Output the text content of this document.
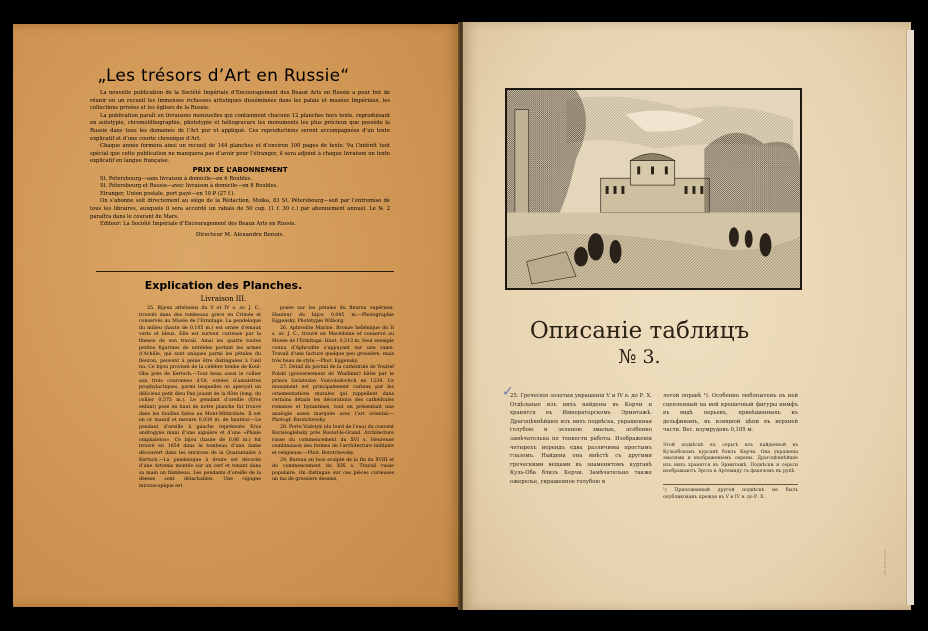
„Les trésors d’Art en Russie“

La nouvelle publication de la Société Impériale d’Encouragement des Beaux Arts en Russie a pour but de réunir en un recueil les immenses richesses artistiques disséminées dans les palais et musées Impériaux, les collections privées et les églises de la Russie.

La publication paraît en livraisons mensuelles qui contiennent chacune 12 planches hors texte, reproduisant en autotypie, chromolithographie, phototypie et héliogravure les monuments les plus précieux que possède la Russie dans tous les domaines de l’Art pur et appliqué. Ces reproductions seront accompagnées d’un texte explicatif et d’une courte chronique d’Art.

Chaque année formera ainsi un recueil de 144 planches et d’environ 100 pages de texte. Vu l’intérêt tout spécial que cette publication ne manquera pas d’avoir pour l’étranger, il sera adjoint à chaque livraison un texte explicatif en langue française.

PRIX DE L’ABONNEMENT

St. Pétersbourg—sans livraison à domicile—en 6 Roubles.

St. Pétersbourg et Russie—avec livraison à domicile—en 8 Roubles.

Etranger, Union postale, port payé—en 10 ₽ (27 f.).

On s’abonne soit directement au siège de la Rédaction, Moïka, 83 St. Pétersbourg—soit par l’entremise de tous les libraires, auxquels il sera accordé un rabais de 50 cop. (1 f. 30 c.) par abonnement annuel. Le № 2 paraîtra dans le courant de Mars.

Editeur: La Société Impériale d’Encouragement des Beaux Arts en Russie.

Directeur M. Alexandre Benois.
Explication des Planches.
Livraison III.

25. Bijoux athéniens du V et IV s. av. J. C., trouvés dans des tombeaux grecs en Crimée et conservés au Musée de l’Ermitage. La pendeloque du milieu (haute de 0,105 m.) est ornée d’émaux verts et bleus. Elle est surtout curieuse par la finesse de son travail. Ainsi les quatre toutes petites figurines de néréides portant les armes d’Achille, qui sont uniques parmi les pétales du fleuron, peuvent à peine être distinguées à l’œil nu. Ce bijou provient de la célèbre tombe de Koul-Oba près de Kertsch.—Tout beau aussi le collier aux trois couronnes d’Or, ornées d’amulettes prophylactiques, parmi lesquelles on aperçoit un délicieux petit dieu Pan jouant de la flûte (long. du collier 0,575 m.). Le pendant d’oreille (Eros enfant) posé en haut de notre planche fut trouvé dans les fouilles faites au Mont-Mithridate. Il est en or massif et mesure 0,038 m. de hauteur.—Le pendant d’oreille à gauche représente Eros androgyne muni d’une aiguière et d’une «Phiale omphalotos». Ce bijou (haute de 0,06 m.) fut trouvé en 1854 dans le tombeau d’une dame découvert dans les environs de la Quarantaine à Kertsch.—La pendeloque à droite est décorée d’une Artemis montée sur un cerf et tenant dans sa main un flambeau. Les pendants d’oreille de la déesse sont détachables. Une cigogne microscopique est

posée sur les pétales du fleuron supérieur. Hauteur du bijou 0,045 m.—Photographie Eggensky. Phototypie Wilborg.

26. Aphrodite Marine. Bronze hellénique du II s. av. J. C., trouvé en Macédoine et conservé au Musée de l’Ermitage. Haut. 0,213 m. Seul exemple connu d’Aphrodite s’appuyant sur une rame. Travail d’une facture quelque peu grossière, mais très beau de style.—Phot. Eggensky.

27. Détail du portail de la cathédrale de Yourief Polski (gouvernement de Wladimir) bâtie par le prince Swiatoslav Vsévolodovitch en 1234. Ce monument est principalement curieux par les ornementations murales qui rappellent dans certains détails les décorations des cathédrales romanes et byzantines, tout en présentant une analogie assez marquée avec l’art oriental.—Photogr. Barstchevsky.

28. Porte Vodotyk (du bord de l’eau) du couvent Borissoglebsky près Rostof-le-Grand. Architecture russe du commencement du XVI s. Heureuse combinaison des formes de l’architecture militaire et religieuse.—Phot. Borstchevsky.

29. Bureau en bois sculpté de la fin du XVIII et du commencement du XIX s. Travail russe populaire. On distingue sur ces pièces curieuses un tas de grossiers dessins,

Описаніе таблицъ
№ 3.
✓

25. Греческія золотыя украшенія V и IV в. до Р. Х. Отдѣльные изъ нихъ найдены въ Керчи и хранятся въ Императорскомъ Эрмитажѣ. Драгоцѣннѣйшее изъ нихъ подвѣска, украшенная голубою и зеленою эмалью, особенно замѣчательна по тонкости работы. Изображенія четырехъ нереидъ едва различимы простымъ глазомъ. Найдена она вмѣстѣ съ другими греческими вещами въ знаменитомъ курганѣ Куль-Оба близъ Керчи. Замѣчательно также ожерелье, украшенное голубою и

лотой оправѣ ¹). Особенно любопытенъ въ ней сцепленный на ней крошечный фигуры нимфъ въ видѣ перьевъ, привѣшенныхъ къ дельфинамъ, въ изящной цѣпи въ верхней части. Вес. изумрудовъ 0,105 м.

Этой подвѣскѣ къ серьгѣ изъ найденной въ Кульобскомъ курганѣ близъ Керчи. Она украшена эмалями и изображеніемъ сирены. Драгоцѣннѣйшіе изъ нихъ хранятся въ Эрмитажѣ. Подвѣски и серьги изображаютъ Эрота и Артемиду съ факеломъ въ рукѣ.

¹) Приложенный другой подвѣскѣ не былъ опубликованъ прежде въ V и IV в. до Р. Х.

Inv. 2345 Lot 12
